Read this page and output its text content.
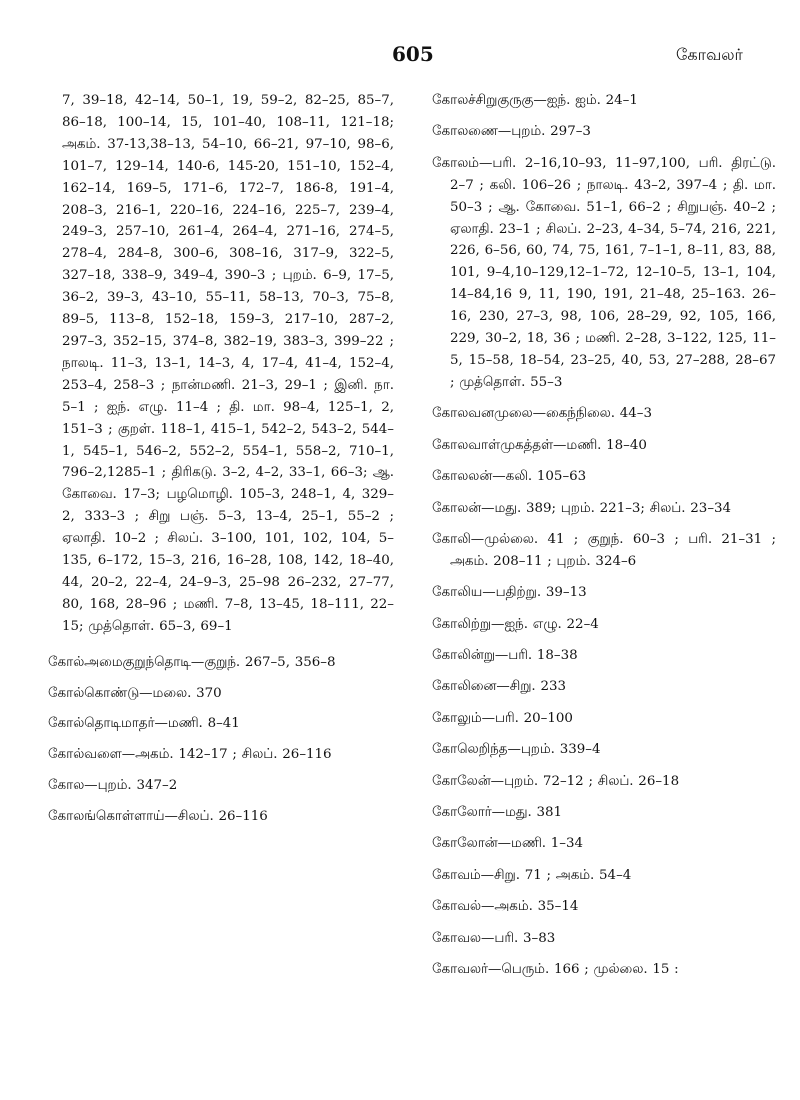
605	கோவலர்

7, 39–18, 42–14, 50–1, 19, 59–2, 82–25, 85–7, 86–18, 100–14, 15, 101–40, 108–11, 121–18; அகம். 37-13,38–13, 54–10, 66–21, 97–10, 98–6, 101–7, 129–14, 140-6, 145-20, 151–10, 152–4, 162–14, 169–5, 171–6, 172–7, 186-8, 191–4, 208–3, 216–1, 220–16, 224–16, 225–7, 239–4, 249–3, 257–10, 261–4, 264–4, 271–16, 274–5, 278–4, 284–8, 300–6, 308–16, 317–9, 322–5, 327–18, 338–9, 349–4, 390–3 ; புறம். 6–9, 17–5, 36–2, 39–3, 43–10, 55–11, 58–13, 70–3, 75–8, 89–5, 113–8, 152–18, 159–3, 217–10, 287–2, 297–3, 352–15, 374–8, 382–19, 383–3, 399–22 ; நாலடி. 11–3, 13–1, 14–3, 4, 17–4, 41–4, 152–4, 253–4, 258–3 ; நான்மணி. 21–3, 29–1 ; இனி. நா. 5–1 ; ஐந். எழு. 11–4 ; தி. மா. 98–4, 125–1, 2, 151–3 ; குறள். 118–1, 415–1, 542–2, 543–2, 544–1, 545–1, 546–2, 552–2, 554–1, 558–2, 710–1, 796–2,1285–1 ; திரிகடு. 3–2, 4–2, 33–1, 66–3; ஆ. கோவை. 17–3; பழமொழி. 105–3, 248–1, 4, 329–2, 333–3 ; சிறு பஞ். 5–3, 13–4, 25–1, 55–2 ; ஏலாதி. 10–2 ; சிலப். 3–100, 101, 102, 104, 5–135, 6–172, 15–3, 216, 16–28, 108, 142, 18–40, 44, 20–2, 22–4, 24–9–3, 25–98 26–232, 27–77, 80, 168, 28–96 ; மணி. 7–8, 13–45, 18–111, 22–15; முத்தொள். 65–3, 69–1

கோல்அமைகுறுந்தொடி—குறுந். 267–5, 356–8

கோல்கொண்டு—மலை. 370

கோல்தொடிமாதர்—மணி. 8–41

கோல்வளை—அகம். 142–17 ; சிலப். 26–116

கோல—புறம். 347–2

கோலங்கொள்ளாய்—சிலப். 26–116

கோலச்சிறுகுருகு—ஐந். ஐம். 24–1

கோலணை—புறம். 297–3

கோலம்—பரி. 2–16,10–93, 11–97,100, பரி. திரட்டு. 2–7 ; கலி. 106–26 ; நாலடி. 43–2, 397–4 ; தி. மா. 50–3 ; ஆ. கோவை. 51–1, 66–2 ; சிறுபஞ். 40–2 ; ஏலாதி. 23–1 ; சிலப். 2–23, 4–34, 5–74, 216, 221, 226, 6–56, 60, 74, 75, 161, 7–1–1, 8–11, 83, 88, 101, 9–4,10–129,12–1–72, 12–10–5, 13–1, 104, 14–84,16 9, 11, 190, 191, 21–48, 25–163. 26–16, 230, 27–3, 98, 106, 28–29, 92, 105, 166, 229, 30–2, 18, 36 ; மணி. 2–28, 3–122, 125, 11–5, 15–58, 18–54, 23–25, 40, 53, 27–288, 28–67 ; முத்தொள். 55–3

கோலவனமுலை—கைந்நிலை. 44–3

கோலவாள்முகத்தள்—மணி. 18–40

கோலலன்—கலி. 105–63

கோலன்—மது. 389; புறம். 221–3; சிலப். 23–34

கோலி—முல்லை. 41 ; குறுந். 60–3 ; பரி. 21–31 ; அகம். 208–11 ; புறம். 324–6

கோலிய—பதிற்று. 39–13

கோலிற்று—ஐந். எழு. 22–4

கோலின்று—பரி. 18–38

கோலினை—சிறு. 233

கோலும்—பரி. 20–100

கோலெறிந்த—புறம். 339–4

கோலேன்—புறம். 72–12 ; சிலப். 26–18

கோலோர்—மது. 381

கோலோன்—மணி. 1–34

கோவம்—சிறு. 71 ; அகம். 54–4

கோவல்—அகம். 35–14

கோவல—பரி. 3–83

கோவலர்—பெரும். 166 ; முல்லை. 15 :
